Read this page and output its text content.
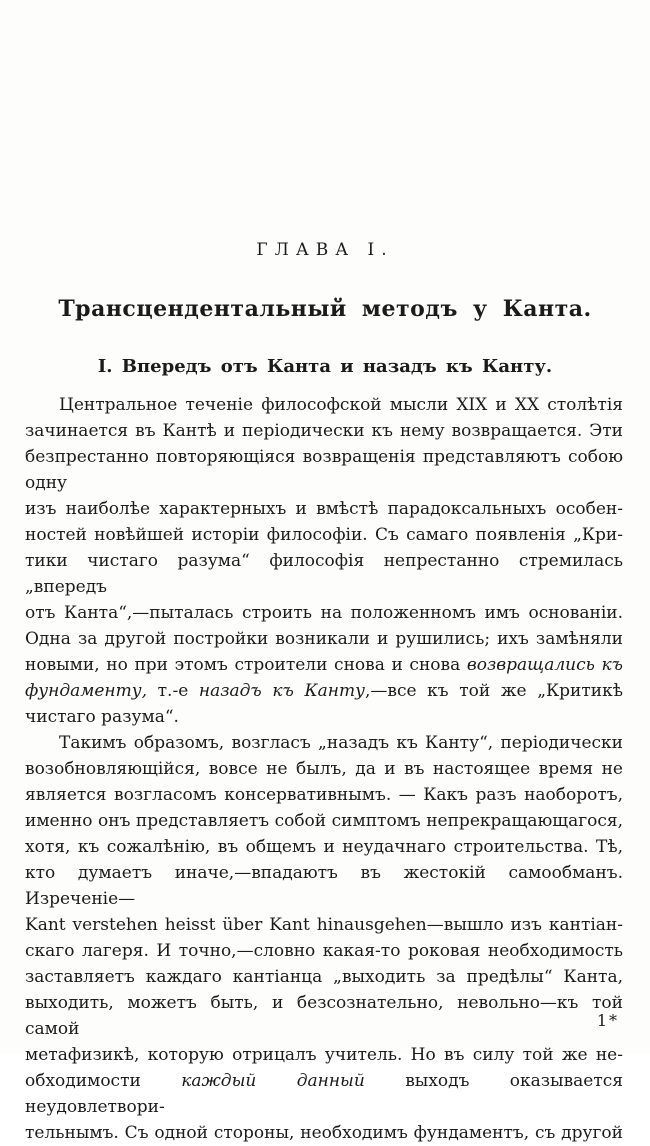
ГЛАВА I.
Трансцендентальный методъ у Канта.
I. Впередъ отъ Канта и назадъ къ Канту.
Центральное теченіе философской мысли XIX и XX столѣтія
зачинается въ Кантѣ и періодически къ нему возвращается. Эти
безпрестанно повторяющіяся возвращенія представляютъ собою одну
изъ наиболѣе характерныхъ и вмѣстѣ парадоксальныхъ особен-
ностей новѣйшей исторіи философіи. Съ самаго появленія „Кри-
тики чистаго разума“ философія непрестанно стремилась „впередъ
отъ Канта“,—пыталась строить на положенномъ имъ основаніи.
Одна за другой постройки возникали и рушились; ихъ замѣняли
новыми, но при этомъ строители снова и снова возвращались къ
фундаменту, т.-е назадъ къ Канту,—все къ той же „Критикѣ
чистаго разума“.
Такимъ образомъ, возгласъ „назадъ къ Канту“, періодически
возобновляющійся, вовсе не былъ, да и въ настоящее время не
является возгласомъ консервативнымъ. — Какъ разъ наоборотъ,
именно онъ представляетъ собой симптомъ непрекращающагося,
хотя, къ сожалѣнію, въ общемъ и неудачнаго строительства. Тѣ,
кто думаетъ иначе,—впадаютъ въ жестокій самообманъ. Изреченіе—
Kant verstehen heisst über Kant hinausgehen—вышло изъ кантіан-
скаго лагеря. И точно,—словно какая-то роковая необходимость
заставляетъ каждаго кантіанца „выходить за предѣлы“ Канта,
выходить, можетъ быть, и безсознательно, невольно—къ той самой
метафизикѣ, которую отрицалъ учитель. Но въ силу той же не-
обходимости каждый данный выходъ оказывается неудовлетвори-
тельнымъ. Съ одной стороны, необходимъ фундаментъ, съ другой
1*
